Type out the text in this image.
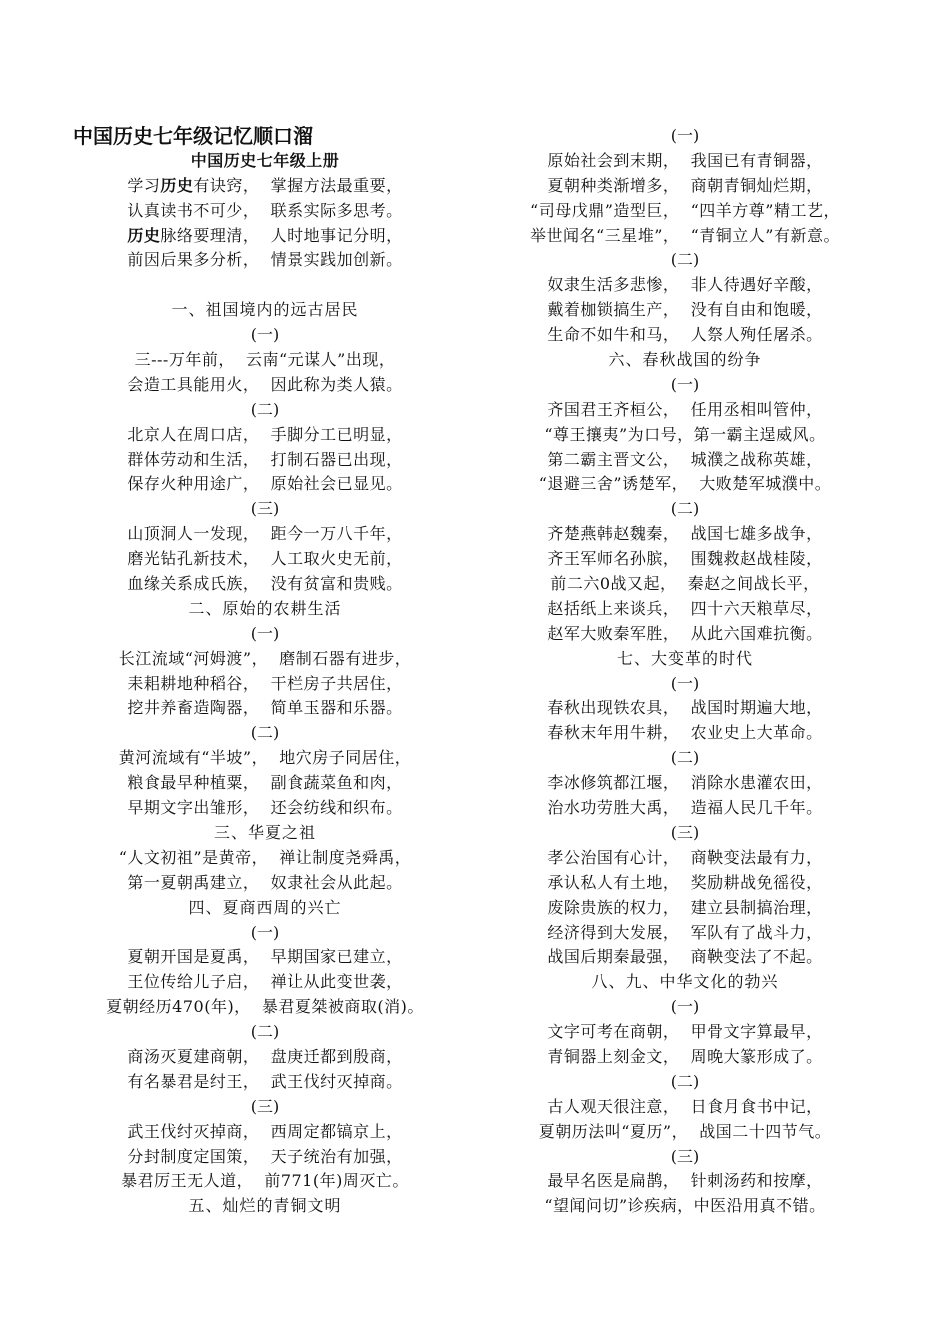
中国历史七年级记忆顺口溜
中国历史七年级上册
学习历史有诀窍，  掌握方法最重要，
认真读书不可少，  联系实际多思考。
历史脉络要理清，  人时地事记分明，
前因后果多分析，  情景实践加创新。

一、祖国境内的远古居民
(一)
三---万年前，  云南“元谋人”出现，
会造工具能用火，  因此称为类人猿。
(二)
北京人在周口店，  手脚分工已明显，
群体劳动和生活，  打制石器已出现，
保存火种用途广，  原始社会已显见。
(三)
山顶洞人一发现，  距今一万八千年，
磨光钻孔新技术，  人工取火史无前，
血缘关系成氏族，  没有贫富和贵贱。
二、原始的农耕生活
(一)
长江流域“河姆渡”，  磨制石器有进步，
耒耜耕地种稻谷，  干栏房子共居住，
挖井养畜造陶器，  简单玉器和乐器。
(二)
黄河流域有“半坡”，  地穴房子同居住，
粮食最早种植粟，  副食蔬菜鱼和肉，
早期文字出雏形，  还会纺线和织布。
三、华夏之祖
“人文初祖”是黄帝，  禅让制度尧舜禹，
第一夏朝禹建立，  奴隶社会从此起。
四、夏商西周的兴亡
(一)
夏朝开国是夏禹，  早期国家已建立，
王位传给儿子启，  禅让从此变世袭，
夏朝经历470(年)，  暴君夏桀被商取(消)。
(二)
商汤灭夏建商朝，  盘庚迁都到殷商，
有名暴君是纣王，  武王伐纣灭掉商。
(三)
武王伐纣灭掉商，  西周定都镐京上，
分封制度定国策，  天子统治有加强，
暴君厉王无人道，  前771(年)周灭亡。
五、灿烂的青铜文明
(一)
原始社会到末期，  我国已有青铜器，
夏朝种类渐增多，  商朝青铜灿烂期，
“司母戊鼎”造型巨，  “四羊方尊”精工艺，
举世闻名“三星堆”，  “青铜立人”有新意。
(二)
奴隶生活多悲惨，  非人待遇好辛酸，
戴着枷锁搞生产，  没有自由和饱暖，
生命不如牛和马，  人祭人殉任屠杀。
六、春秋战国的纷争
(一)
齐国君王齐桓公，  任用丞相叫管仲，
“尊王攘夷”为口号，第一霸主逞威风。
第二霸主晋文公，  城濮之战称英雄，
“退避三舍”诱楚军，  大败楚军城濮中。
(二)
齐楚燕韩赵魏秦，  战国七雄多战争，
齐王军师名孙膑，  围魏救赵战桂陵，
前二六0战又起，  秦赵之间战长平，
赵括纸上来谈兵，  四十六天粮草尽，
赵军大败秦军胜，  从此六国难抗衡。
七、大变革的时代
(一)
春秋出现铁农具，  战国时期遍大地，
春秋末年用牛耕，  农业史上大革命。
(二)
李冰修筑都江堰，  消除水患灌农田，
治水功劳胜大禹，  造福人民几千年。
(三)
孝公治国有心计，  商鞅变法最有力，
承认私人有土地，  奖励耕战免徭役，
废除贵族的权力，  建立县制搞治理，
经济得到大发展，  军队有了战斗力，
战国后期秦最强，  商鞅变法了不起。
八、九、中华文化的勃兴
(一)
文字可考在商朝，  甲骨文字算最早，
青铜器上刻金文，  周晚大篆形成了。
(二)
古人观天很注意，  日食月食书中记，
夏朝历法叫“夏历”，  战国二十四节气。
(三)
最早名医是扁鹊，  针刺汤药和按摩，
“望闻问切”诊疾病，中医沿用真不错。
